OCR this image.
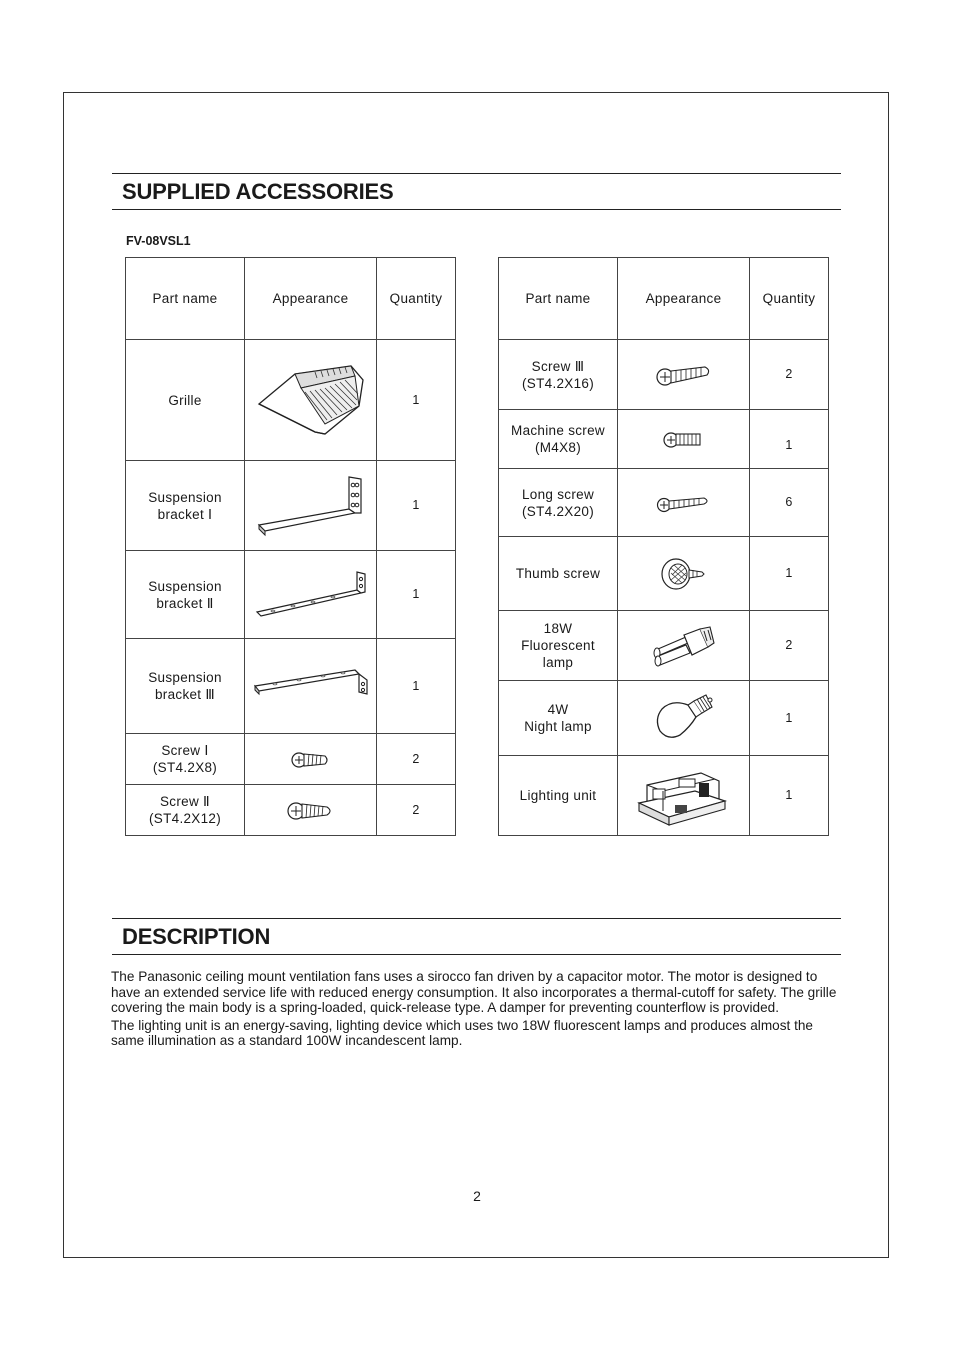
SUPPLIED ACCESSORIES
FV-08VSL1
Part name	Appearance	Quantity
Grille		1
Suspension
bracket Ⅰ		1
Suspension
bracket Ⅱ		1
Suspension
bracket Ⅲ		1
Screw Ⅰ
(ST4.2X8)		2
Screw Ⅱ
(ST4.2X12)		2
Part name	Appearance	Quantity
Screw Ⅲ
(ST4.2X16)		2
Machine screw
(M4X8)		1
Long screw
(ST4.2X20)		6
Thumb screw		1
18W
Fluorescent
lamp		2
4W
Night lamp		1
Lighting unit		1
DESCRIPTION

The Panasonic ceiling mount ventilation fans uses a sirocco fan driven by a capacitor motor. The motor is designed to have an extended service life with reduced energy consumption. It also incorporates a thermal-cutoff for safety. The grille covering the main body is a spring-loaded, quick-release type. A damper for preventing counterflow is provided.

The lighting unit is an energy-saving, lighting device which uses two 18W fluorescent lamps and produces almost the same illumination as a standard 100W incandescent lamp.

2
